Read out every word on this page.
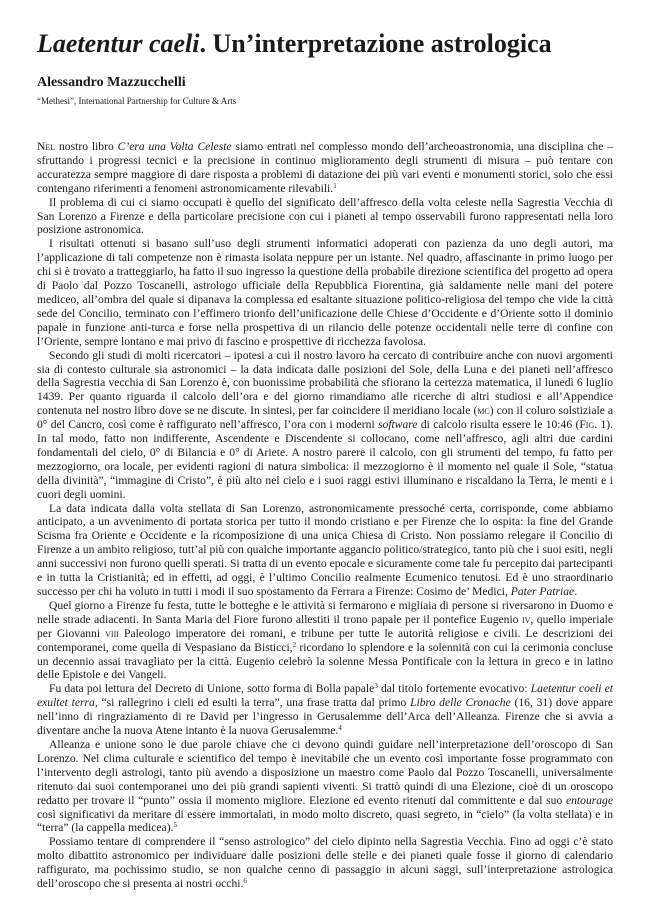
Laetentur caeli. Un’interpretazione astrologica
Alessandro Mazzucchelli
“Methesi”, International Partnership for Culture & Arts

Nel nostro libro C’era una Volta Celeste siamo entrati nel complesso mondo dell’archeoastronomia, una disciplina che – sfruttando i progressi tecnici e la precisione in continuo miglioramento degli strumenti di misura – può tentare con accuratezza sempre maggiore di dare risposta a problemi di datazione dei più vari eventi e monumenti storici, solo che essi contengano riferimenti a fenomeni astronomicamente rilevabili.$^1$

Il problema di cui ci siamo occupati è quello del significato dell’affresco della volta celeste nella Sagrestia Vecchia di San Lorenzo a Firenze e della particolare precisione con cui i pianeti al tempo osservabili furono rappresentati nella loro posizione astronomica.

I risultati ottenuti si basano sull’uso degli strumenti informatici adoperati con pazienza da uno degli autori, ma l’applicazione di tali competenze non è rimasta isolata neppure per un istante. Nel quadro, affascinante in primo luogo per chi si è trovato a tratteggiarlo, ha fatto il suo ingresso la questione della probabile direzione scientifica del progetto ad opera di Paolo dal Pozzo Toscanelli, astrologo ufficiale della Repubblica Fiorentina, già saldamente nelle mani del potere mediceo, all’ombra del quale si dipanava la complessa ed esaltante situazione politico-religiosa del tempo che vide la città sede del Concilio, terminato con l’effimero trionfo dell’unificazione delle Chiese d’Occidente e d’Oriente sotto il dominio papale in funzione anti-turca e forse nella prospettiva di un rilancio delle potenze occidentali nelle terre di confine con l’Oriente, sempre lontano e mai privo di fascino e prospettive di ricchezza favolosa.

Secondo gli studi di molti ricercatori – ipotesi a cui il nostro lavoro ha cercato di contribuire anche con nuovi argomenti sia di contesto culturale sia astronomici – la data indicata dalle posizioni del Sole, della Luna e dei pianeti nell’affresco della Sagrestia vecchia di San Lorenzo è, con buonissime probabilità che sfiorano la certezza matematica, il lunedì 6 luglio 1439. Per quanto riguarda il calcolo dell’ora e del giorno rimandiamo alle ricerche di altri studiosi e all’Appendice contenuta nel nostro libro dove se ne discute. In sintesi, per far coincidere il meridiano locale (mc) con il coluro solstiziale a 0° del Cancro, così come è raffigurato nell’affresco, l’ora con i moderni software di calcolo risulta essere le 10:46 (Fig. 1). In tal modo, fatto non indifferente, Ascendente e Discendente si collocano, come nell’affresco, agli altri due cardini fondamentali del cielo, 0° di Bilancia e 0° di Ariete. A nostro parere il calcolo, con gli strumenti del tempo, fu fatto per mezzogiorno, ora locale, per evidenti ragioni di natura simbolica: il mezzogiorno è il momento nel quale il Sole, “statua della divinità”, “immagine di Cristo”, è più alto nel cielo e i suoi raggi estivi illuminano e riscaldano la Terra, le menti e i cuori degli uomini.

La data indicata dalla volta stellata di San Lorenzo, astronomicamente pressoché certa, corrisponde, come abbiamo anticipato, a un avvenimento di portata storica per tutto il mondo cristiano e per Firenze che lo ospita: la fine del Grande Scisma fra Oriente e Occidente e la ricomposizione di una unica Chiesa di Cristo. Non possiamo relegare il Concilio di Firenze a un ambito religioso, tutt’al più con qualche importante aggancio politico/strategico, tanto più che i suoi esiti, negli anni successivi non furono quelli sperati. Si tratta di un evento epocale e sicuramente come tale fu percepito dai partecipanti e in tutta la Cristianità; ed in effetti, ad oggi, è l’ultimo Concilio realmente Ecumenico tenutosi. Ed è uno straordinario successo per chi ha voluto in tutti i modi il suo spostamento da Ferrara a Firenze: Cosimo de’ Medici, Pater Patriae.

Quel giorno a Firenze fu festa, tutte le botteghe e le attività si fermarono e migliaia di persone si riversarono in Duomo e nelle strade adiacenti. In Santa Maria del Fiore furono allestiti il trono papale per il pontefice Eugenio iv, quello imperiale per Giovanni viii Paleologo imperatore dei romani, e tribune per tutte le autorità religiose e civili. Le descrizioni dei contemporanei, come quella di Vespasiano da Bisticci,$^2$ ricordano lo splendore e la solennità con cui la cerimonia concluse un decennio assai travagliato per la città. Eugenio celebrò la solenne Messa Pontificale con la lettura in greco e in latino delle Epistole e dei Vangeli.

Fu data poi lettura del Decreto di Unione, sotto forma di Bolla papale$^3$ dal titolo fortemente evocativo: Laetentur coeli et exultet terra, “si rallegrino i cieli ed esulti la terra”, una frase tratta dal primo Libro delle Cronache (16, 31) dove appare nell’inno di ringraziamento di re David per l’ingresso in Gerusalemme dell’Arca dell’Alleanza. Firenze che si avvia a diventare anche la nuova Atene intanto è la nuova Gerusalemme.$^4$

Alleanza e unione sono le due parole chiave che ci devono quindi guidare nell’interpretazione dell’oroscopo di San Lorenzo. Nel clima culturale e scientifico del tempo è inevitabile che un evento così importante fosse programmato con l’intervento degli astrologi, tanto più avendo a disposizione un maestro come Paolo dal Pozzo Toscanelli, universalmente ritenuto dai suoi contemporanei uno dei più grandi sapienti viventi. Si trattò quindi di una Elezione, cioè di un oroscopo redatto per trovare il “punto” ossia il momento migliore. Elezione ed evento ritenuti dal committente e dal suo entourage così significativi da meritare di essere immortalati, in modo molto discreto, quasi segreto, in “cielo” (la volta stellata) e in “terra” (la cappella medicea).$^5$

Possiamo tentare di comprendere il “senso astrologico” del cielo dipinto nella Sagrestia Vecchia. Fino ad oggi c’è stato molto dibattito astronomico per individuare dalle posizioni delle stelle e dei pianeti quale fosse il giorno di calendario raffigurato, ma pochissimo studio, se non qualche cenno di passaggio in alcuni saggi, sull’interpretazione astrologica dell’oroscopo che si presenta ai nostri occhi.$^6$
